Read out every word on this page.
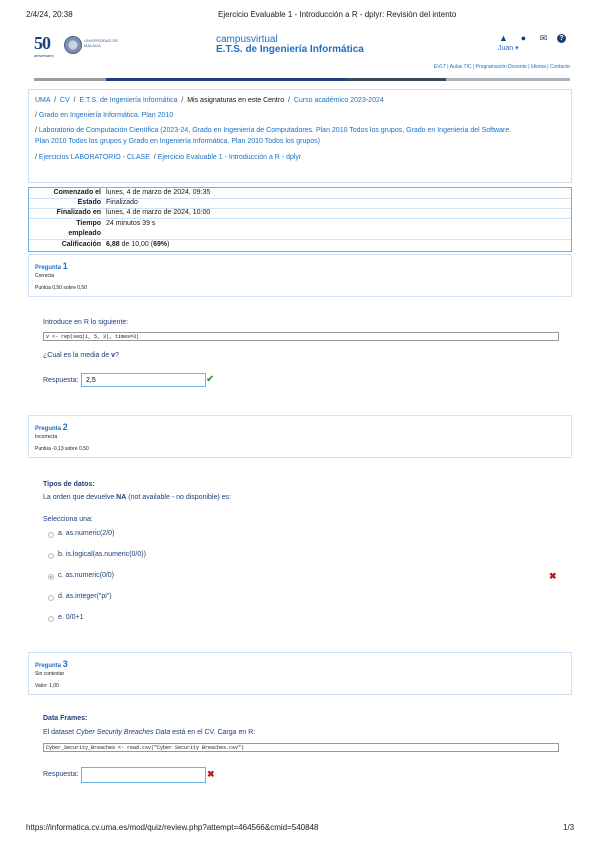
2/4/24, 20:38	Ejercicio Evaluable 1 - Introducción a R - dplyr: Revisión del intento
50
aniversario
UNIVERSIDAD DE MÁLAGA
campusvirtual
E.T.S. de Ingeniería Informática
▲ ● ✉	?
Juan ▾
EVLT | Aulas TIC | Programación Docente | Idioma | Contacto
UMA  /  CV  /  E.T.S. de Ingeniería Informática  /  Mis asignaturas en este Centro  /  Curso académico 2023-2024
/ Grado en Ingeniería Informática. Plan 2010
/ Laboratorio de Computación Científica (2023-24, Grado en Ingeniería de Computadores. Plan 2010 Todos los grupos, Grado en Ingeniería del Software.
Plan 2010 Todos los grupos y Grado en Ingeniería Informática. Plan 2010 Todos los grupos)
/ Ejercicios LABORATORIO - CLASE  / Ejercicio Evaluable 1 - Introducción a R - dplyr
Comenzado el lunes, 4 de marzo de 2024, 09:35
Estado Finalizado
Finalizado en lunes, 4 de marzo de 2024, 10:00
Tiempo
empleado
24 minutos 39 s
Calificación 6,88 de 10,00 (69%)
Pregunta 1
Correcta
Puntúa 0,50 sobre 0,50
Introduce en R lo siguiente:
v <- rep(seq(1, 5, 3), times=3)
¿Cual es la media de v?
Respuesta:
2,5	✔
Pregunta 2
Incorrecta
Puntúa -0,13 sobre 0,50
Tipos de datos:
La orden que devuelve NA (not available - no disponible) es:
Selecciona una:
a. as.numeric(2/0)
b. is.logical(as.numeric(0/0))
c. as.numeric(0/0)	✖
d. as.integer("pi")
e. 0/0+1
Pregunta 3
Sin contestar
Valor: 1,00
Data Frames:
El dataset Cyber Security Breaches Data está en el CV. Carga en R:
Cyber_Security_Breaches <- read.csv("Cyber Security Breaches.csv")
Respuesta:	✖
https://informatica.cv.uma.es/mod/quiz/review.php?attempt=464566&cmid=540848	1/3
